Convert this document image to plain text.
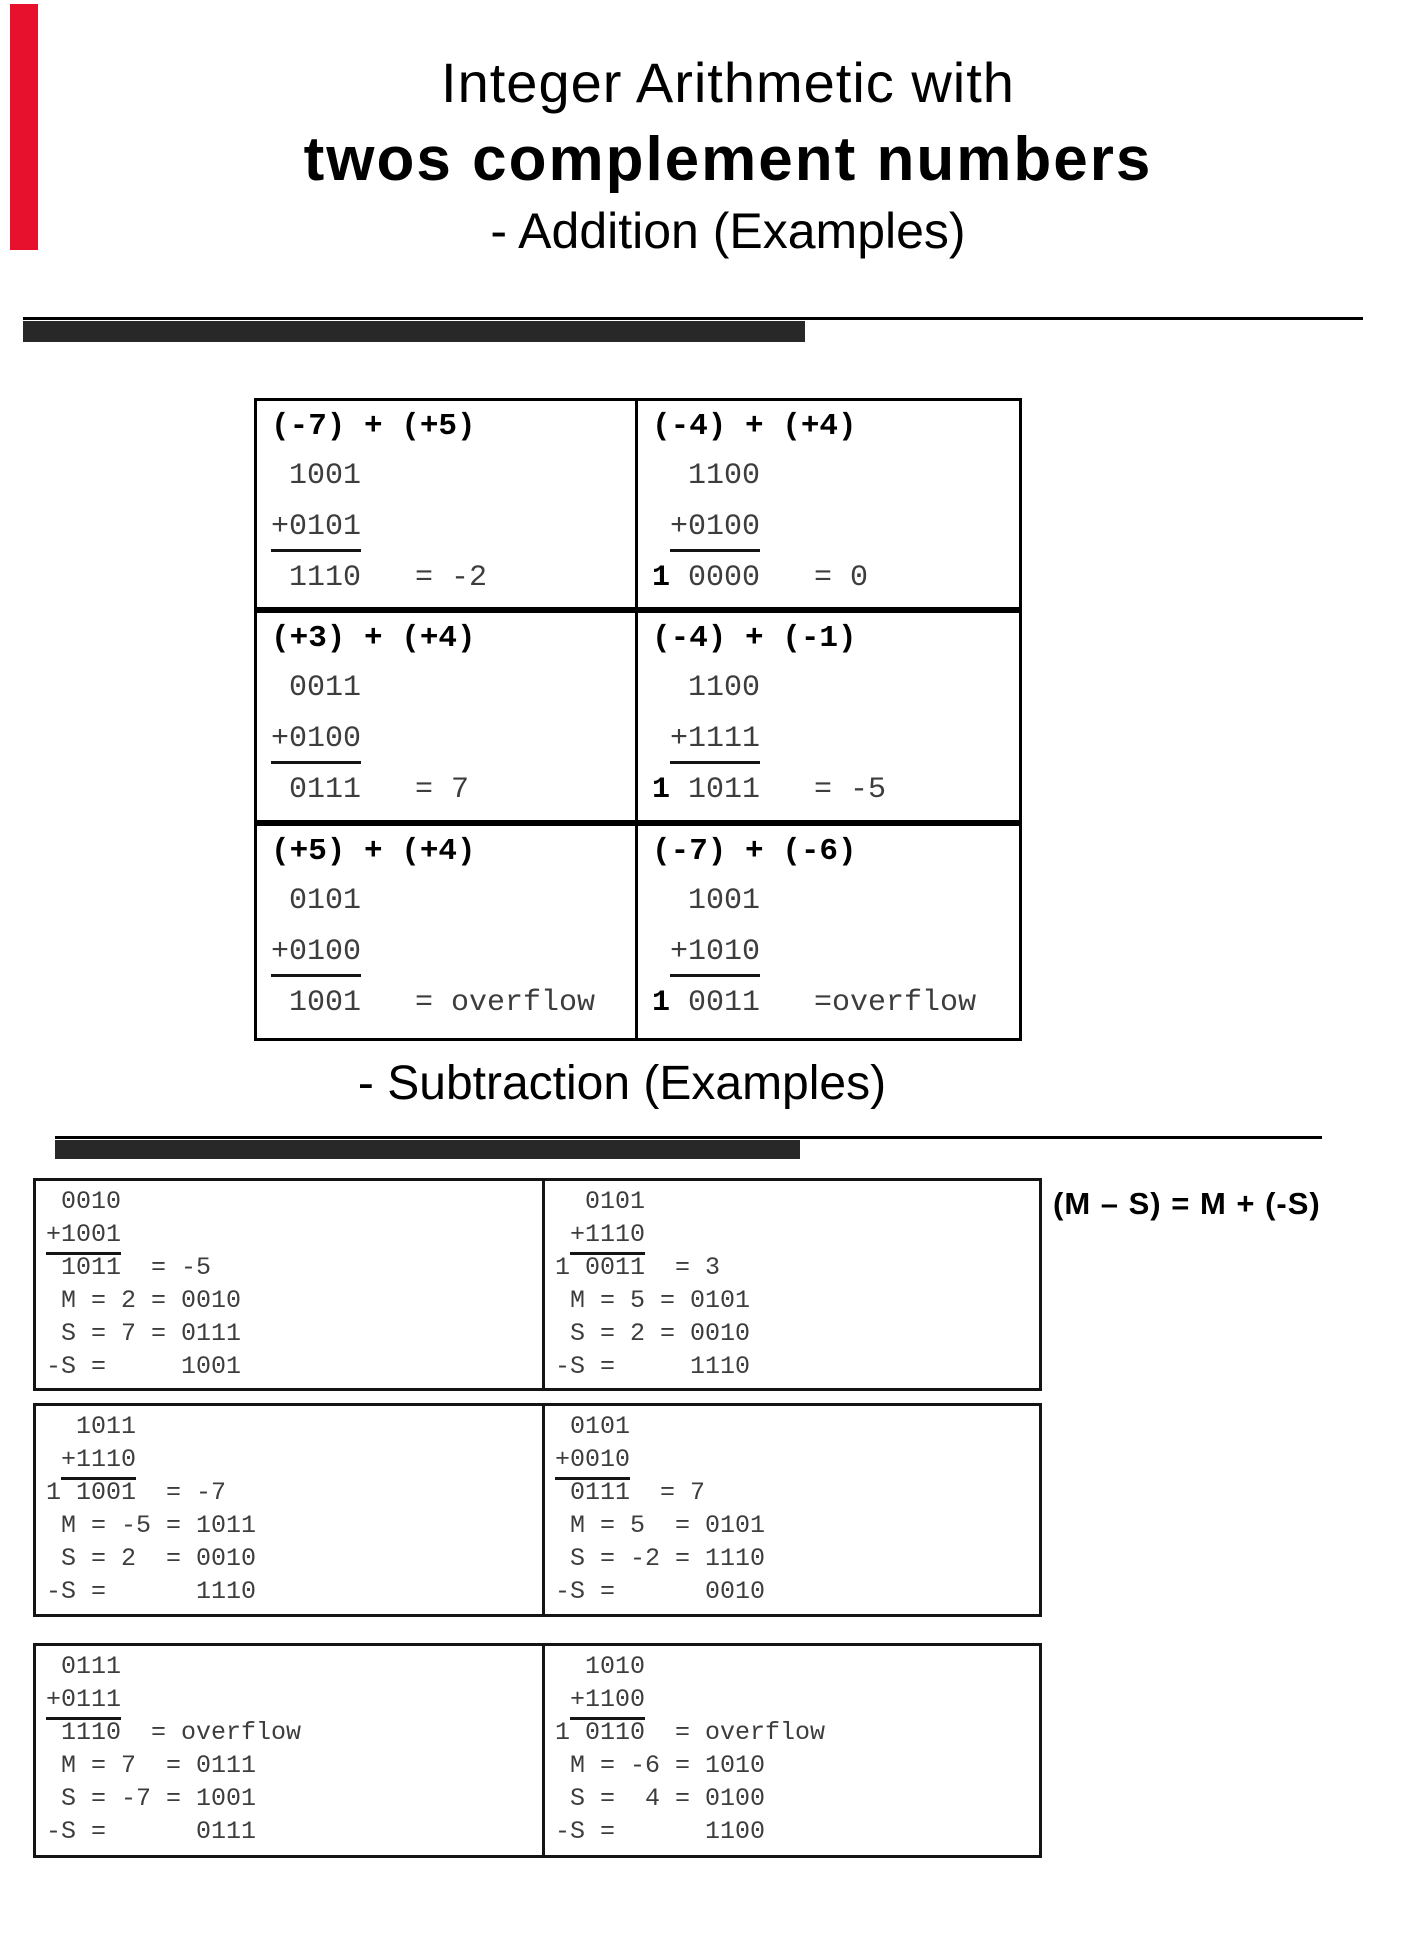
Integer Arithmetic with
twos complement numbers
- Addition (Examples)
(-7) + (+5)
1001
+0101
1110   = -2
(-4) + (+4)
1100
+0100
1 0000   = 0
(+3) + (+4)
0011
+0100
0111   = 7
(-4) + (-1)
1100
+1111
1 1011   = -5
(+5) + (+4)
0101
+0100
1001   = overflow
(-7) + (-6)
1001
+1010
1 0011   =overflow
- Subtraction (Examples)
(M – S) = M + (-S)
0010
+1001
1011  = -5
M = 2 = 0010
S = 7 = 0111
-S =     1001
0101
+1110
1 0011  = 3
M = 5 = 0101
S = 2 = 0010
-S =     1110
1011
+1110
1 1001  = -7
M = -5 = 1011
S = 2  = 0010
-S =      1110
0101
+0010
0111  = 7
M = 5  = 0101
S = -2 = 1110
-S =      0010
0111
+0111
1110  = overflow
M = 7  = 0111
S = -7 = 1001
-S =      0111
1010
+1100
1 0110  = overflow
M = -6 = 1010
S =  4 = 0100
-S =      1100
